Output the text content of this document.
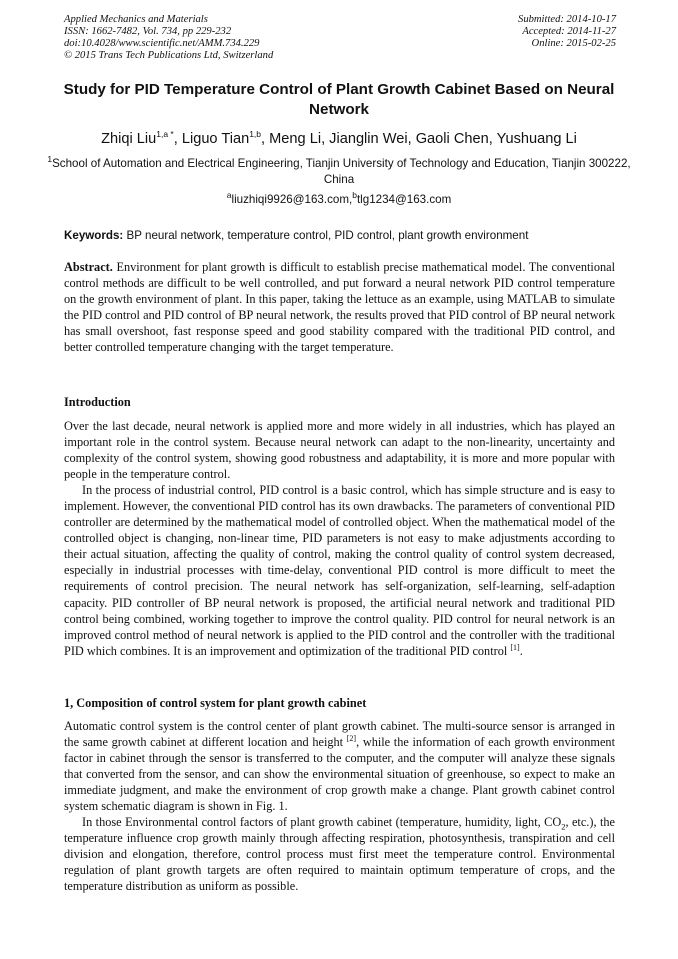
Applied Mechanics and Materials
ISSN: 1662-7482, Vol. 734, pp 229-232
doi:10.4028/www.scientific.net/AMM.734.229
© 2015 Trans Tech Publications Ltd, Switzerland
Submitted: 2014-10-17
Accepted: 2014-11-27
Online: 2015-02-25
Study for PID Temperature Control of Plant Growth Cabinet Based on Neural Network
Zhiqi Liu$^{1,a *}$, Liguo Tian$^{1,b}$, Meng Li, Jianglin Wei, Gaoli Chen, Yushuang Li
$^1$School of Automation and Electrical Engineering, Tianjin University of Technology and Education, Tianjin 300222, China
$^a$liuzhiqi9926@163.com,$^b$tlg1234@163.com
Keywords: BP neural network, temperature control, PID control, plant growth environment

Abstract. Environment for plant growth is difficult to establish precise mathematical model. The conventional control methods are difficult to be well controlled, and put forward a neural network PID control temperature on the growth environment of plant. In this paper, taking the lettuce as an example, using MATLAB to simulate the PID control and PID control of BP neural network, the results proved that PID control of BP neural network has small overshoot, fast response speed and good stability compared with the traditional PID control, and better controlled temperature changing with the target temperature.

Introduction

Over the last decade, neural network is applied more and more widely in all industries, which has played an important role in the control system. Because neural network can adapt to the non-linearity, uncertainty and complexity of the control system, showing good robustness and adaptability, it is more and more popular with people in the temperature control.

In the process of industrial control, PID control is a basic control, which has simple structure and is easy to implement. However, the conventional PID control has its own drawbacks. The parameters of conventional PID controller are determined by the mathematical model of controlled object. When the mathematical model of the controlled object is changing, non-linear time, PID parameters is not easy to make adjustments according to their actual situation, affecting the quality of control, making the control quality of control system decreased, especially in industrial processes with time-delay, conventional PID control is more difficult to meet the requirements of control precision. The neural network has self-organization, self-learning, self-adaption capacity. PID controller of BP neural network is proposed, the artificial neural network and traditional PID control being combined, working together to improve the control quality. PID control for neural network is an improved control method of neural network is applied to the PID control and the controller with the traditional PID which combines. It is an improvement and optimization of the traditional PID control [1].

1, Composition of control system for plant growth cabinet

Automatic control system is the control center of plant growth cabinet. The multi-source sensor is arranged in the same growth cabinet at different location and height [2], while the information of each growth environment factor in cabinet through the sensor is transferred to the computer, and the computer will analyze these signals that converted from the sensor, and can show the environmental situation of greenhouse, so expect to make an immediate judgment, and make the environment of crop growth make a change. Plant growth cabinet control system schematic diagram is shown in Fig. 1.

In those Environmental control factors of plant growth cabinet (temperature, humidity, light, $CO_2$, etc.), the temperature influence crop growth mainly through affecting respiration, photosynthesis, transpiration and cell division and elongation, therefore, control process must first meet the temperature control. Environmental regulation of plant growth targets are often required to maintain optimum temperature of crops, and the temperature distribution as uniform as possible.
